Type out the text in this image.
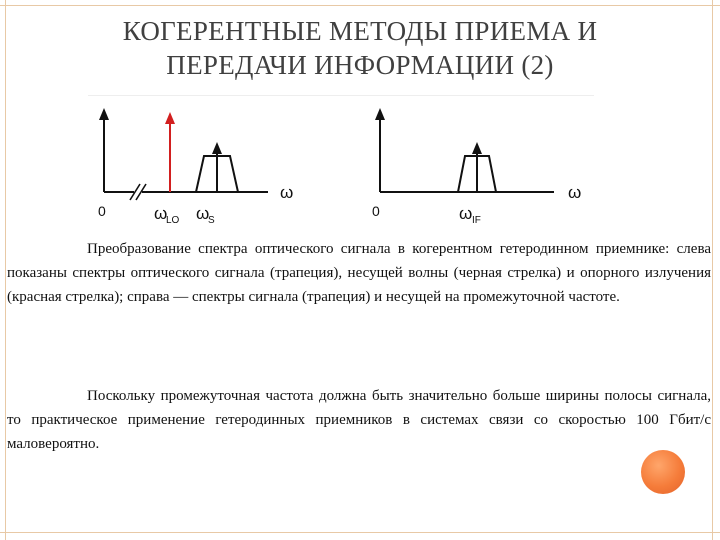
КОГЕРЕНТНЫЕ МЕТОДЫ ПРИЕМА И
ПЕРЕДАЧИ ИНФОРМАЦИИ (2)
0
ω
ω
LO ω
S
0
ω
ω IF

Преобразование спектра оптического сигнала в когерентном гетеродинном приемнике: слева показаны спектры оптического сигнала (трапеция), несущей волны (черная стрелка) и опорного излучения (красная стрелка); справа — спектры сигнала (трапеция) и несущей на промежуточной частоте.

Поскольку промежуточная частота должна быть значительно больше ширины полосы сигнала, то практическое применение гетеродинных приемников в системах связи со скоростью 100 Гбит/с маловероятно.
